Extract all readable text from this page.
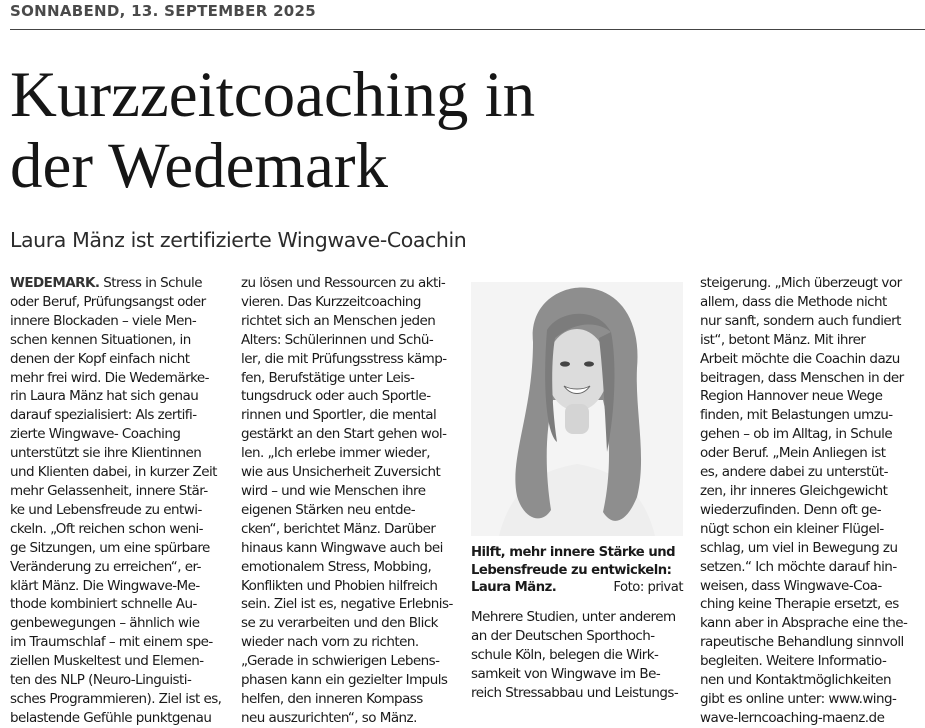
SONNABEND, 13. SEPTEMBER 2025
Kurzzeitcoaching in
der Wedemark
Laura Mänz ist zertifizierte Wingwave-Coachin
WEDEMARK. Stress in Schule
oder Beruf, Prüfungsangst oder
innere Blockaden – viele Men-
schen kennen Situationen, in
denen der Kopf einfach nicht
mehr frei wird. Die Wedemärke-
rin Laura Mänz hat sich genau
darauf spezialisiert: Als zertifi-
zierte Wingwave- Coaching
unterstützt sie ihre Klientinnen
und Klienten dabei, in kurzer Zeit
mehr Gelassenheit, innere Stär-
ke und Lebensfreude zu entwi-
ckeln. „Oft reichen schon weni-
ge Sitzungen, um eine spürbare
Veränderung zu erreichen“, er-
klärt Mänz. Die Wingwave-Me-
thode kombiniert schnelle Au-
genbewegungen – ähnlich wie
im Traumschlaf – mit einem spe-
ziellen Muskeltest und Elemen-
ten des NLP (Neuro-Linguisti-
sches Programmieren). Ziel ist es,
belastende Gefühle punktgenau
zu lösen und Ressourcen zu akti-
vieren. Das Kurzzeitcoaching
richtet sich an Menschen jeden
Alters: Schülerinnen und Schü-
ler, die mit Prüfungsstress kämp-
fen, Berufstätige unter Leis-
tungsdruck oder auch Sportle-
rinnen und Sportler, die mental
gestärkt an den Start gehen wol-
len. „Ich erlebe immer wieder,
wie aus Unsicherheit Zuversicht
wird – und wie Menschen ihre
eigenen Stärken neu entde-
cken“, berichtet Mänz. Darüber
hinaus kann Wingwave auch bei
emotionalem Stress, Mobbing,
Konflikten und Phobien hilfreich
sein. Ziel ist es, negative Erlebnis-
se zu verarbeiten und den Blick
wieder nach vorn zu richten.
„Gerade in schwierigen Lebens-
phasen kann ein gezielter Impuls
helfen, den inneren Kompass
neu auszurichten“, so Mänz.
Hilft, mehr innere Stärke und Lebensfreude zu entwickeln: Laura Mänz.	Foto: privat
Mehrere Studien, unter anderem
an der Deutschen Sporthoch-
schule Köln, belegen die Wirk-
samkeit von Wingwave im Be-
reich Stressabbau und Leistungs-
steigerung. „Mich überzeugt vor
allem, dass die Methode nicht
nur sanft, sondern auch fundiert
ist“, betont Mänz. Mit ihrer
Arbeit möchte die Coachin dazu
beitragen, dass Menschen in der
Region Hannover neue Wege
finden, mit Belastungen umzu-
gehen – ob im Alltag, in Schule
oder Beruf. „Mein Anliegen ist
es, andere dabei zu unterstüt-
zen, ihr inneres Gleichgewicht
wiederzufinden. Denn oft ge-
nügt schon ein kleiner Flügel-
schlag, um viel in Bewegung zu
setzen.“ Ich möchte darauf hin-
weisen, dass Wingwave-Coa-
ching keine Therapie ersetzt, es
kann aber in Absprache eine the-
rapeutische Behandlung sinnvoll
begleiten. Weitere Informatio-
nen und Kontaktmöglichkeiten
gibt es online unter: www.wing-
wave-lerncoaching-maenz.de
